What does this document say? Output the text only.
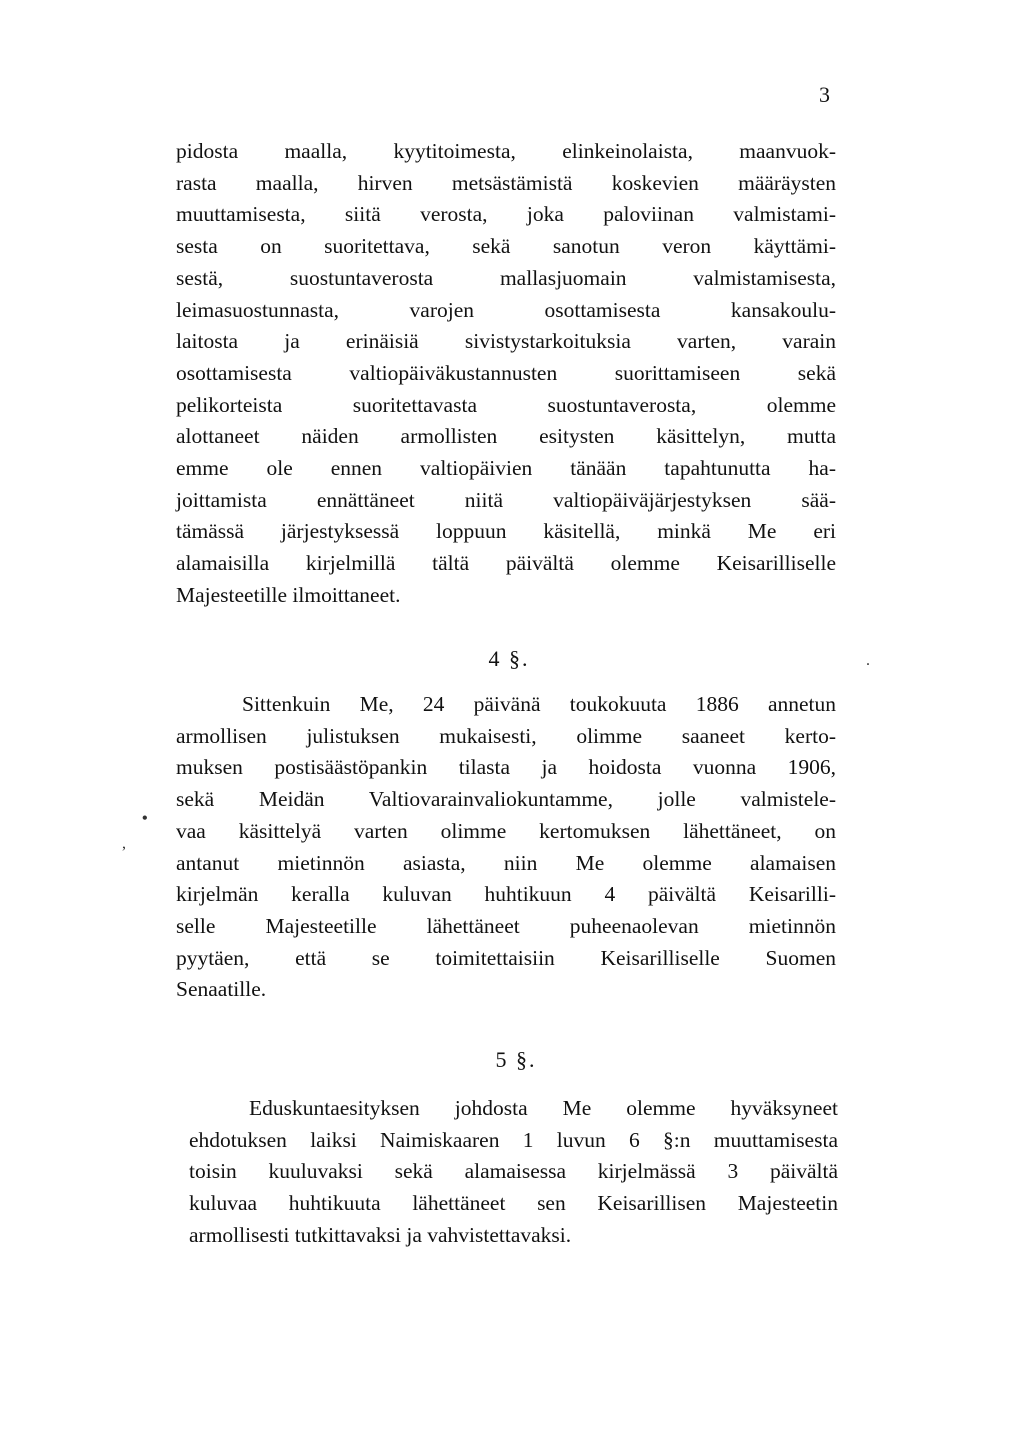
3
pidosta maalla, kyytitoimesta, elinkeinolaista, maanvuok-
rasta maalla, hirven metsästämistä koskevien määräysten
muuttamisesta, siitä verosta, joka paloviinan valmistami-
sesta on suoritettava, sekä sanotun veron käyttämi-
sestä, suostuntaverosta mallasjuomain valmistamisesta,
leimasuostunnasta, varojen osottamisesta kansakoulu-
laitosta ja erinäisiä sivistystarkoituksia varten, varain
osottamisesta valtiopäiväkustannusten suorittamiseen sekä
pelikorteista suoritettavasta suostuntaverosta, olemme
alottaneet näiden armollisten esitysten käsittelyn, mutta
emme ole ennen valtiopäivien tänään tapahtunutta ha-
joittamista ennättäneet niitä valtiopäiväjärjestyksen sää-
tämässä järjestyksessä loppuun käsitellä, minkä Me eri
alamaisilla kirjelmillä tältä päivältä olemme Keisarilliselle
Majesteetille ilmoittaneet.
4 §.	.
Sittenkuin Me, 24 päivänä toukokuuta 1886 annetun
armollisen julistuksen mukaisesti, olimme saaneet kerto-
muksen postisäästöpankin tilasta ja hoidosta vuonna 1906,
sekä Meidän Valtiovarainvaliokuntamme, jolle valmistele-
vaa käsittelyä varten olimme kertomuksen lähettäneet, on
antanut mietinnön asiasta, niin Me olemme alamaisen
kirjelmän keralla kuluvan huhtikuun 4 päivältä Keisarilli-
selle Majesteetille lähettäneet puheenaolevan mietinnön
pyytäen, että se toimitettaisiin Keisarilliselle Suomen
Senaatille.
•
,
5 §.
Eduskuntaesityksen johdosta Me olemme hyväksyneet
ehdotuksen laiksi Naimiskaaren 1 luvun 6 §:n muuttamisesta
toisin kuuluvaksi sekä alamaisessa kirjelmässä 3 päivältä
kuluvaa huhtikuuta lähettäneet sen Keisarillisen Majesteetin
armollisesti tutkittavaksi ja vahvistettavaksi.
